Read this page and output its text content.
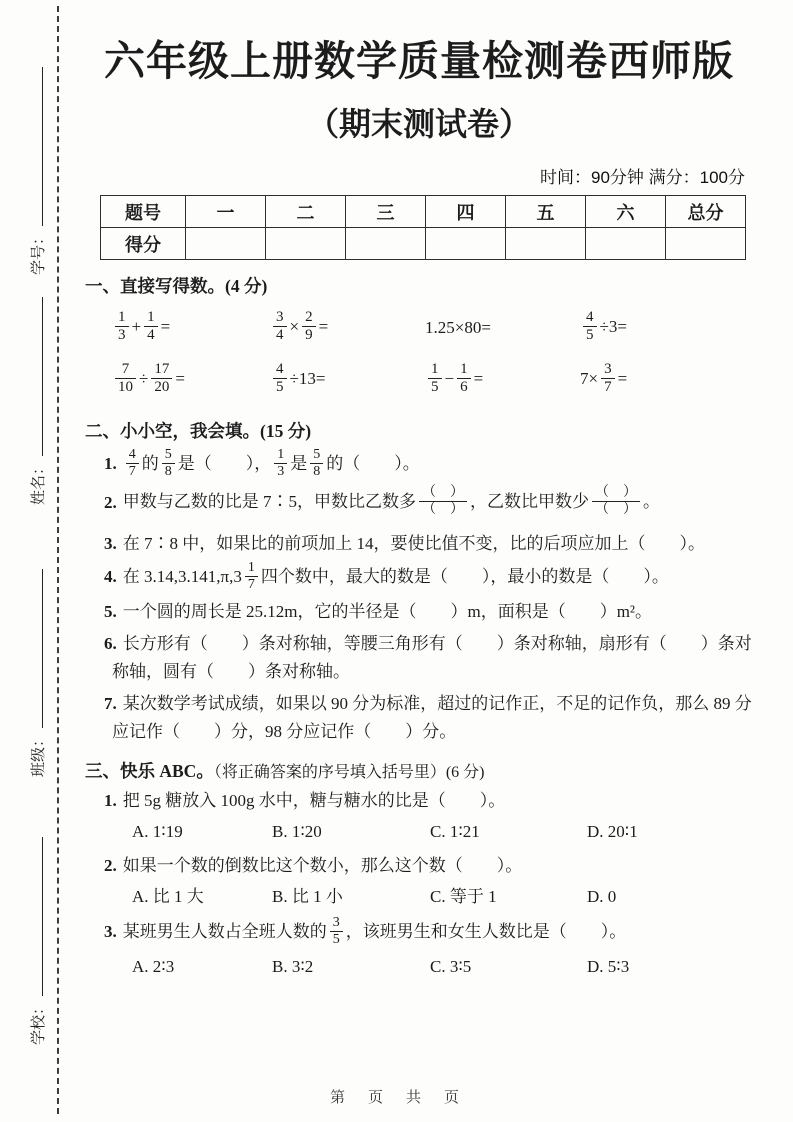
学号：
姓名：
班级：
学校：
六年级上册数学质量检测卷西师版
（期末测试卷）
时间：90分钟 满分：100分
题号	一	二	三	四	五	六	总分
得分							
一、直接写得数。(4 分)
$\frac{1}{3} + \frac{1}{4}$ =	$\frac{3}{4} \times \frac{2}{9}$ =	1.25×80=	$\frac{4}{5} \div 3=$
$\frac{7}{10} \div \frac{17}{20}$ =	$\frac{4}{5} \div 13=$	$\frac{1}{5} - \frac{1}{6}$ =	$7\times \frac{3}{7}$ =
二、小小空，我会填。(15 分)
1. $\frac{4}{7}$ 的 $\frac{5}{8}$ 是（　　）， $\frac{1}{3}$ 是 $\frac{5}{8}$ 的（　　）。
2. 甲数与乙数的比是 7∶5，甲数比乙数多 $\frac{( )}{( )}$ ，乙数比甲数少 $\frac{( )}{( )}$ 。
3. 在 7∶8 中，如果比的前项加上 14，要使比值不变，比的后项应加上（　　）。
4. 在 $3.14,3.141,\pi,3 \frac{1}{7}$ 四个数中，最大的数是（　　），最小的数是（　　）。
5. 一个圆的周长是 25.12m，它的半径是（　　）m，面积是（　　）m²。
6. 长方形有（　　）条对称轴，等腰三角形有（　　）条对称轴，扇形有（　　）条对称轴，圆有（　　）条对称轴。
7. 某次数学考试成绩，如果以 90 分为标准，超过的记作正，不足的记作负，那么 89 分应记作（　　）分，98 分应记作（　　）分。
三、快乐 ABC。（将正确答案的序号填入括号里）(6 分)
1. 把 5g 糖放入 100g 水中，糖与糖水的比是（　　）。
A. 1∶19	B. 1∶20	C. 1∶21	D. 20∶1
2. 如果一个数的倒数比这个数小，那么这个数（　　）。
A. 比 1 大	B. 比 1 小	C. 等于 1	D. 0
3. 某班男生人数占全班人数的 $\frac{3}{5}$ ，该班男生和女生人数比是（　　）。
A. 2∶3	B. 3∶2	C. 3∶5	D. 5∶3
第　页　共　页
